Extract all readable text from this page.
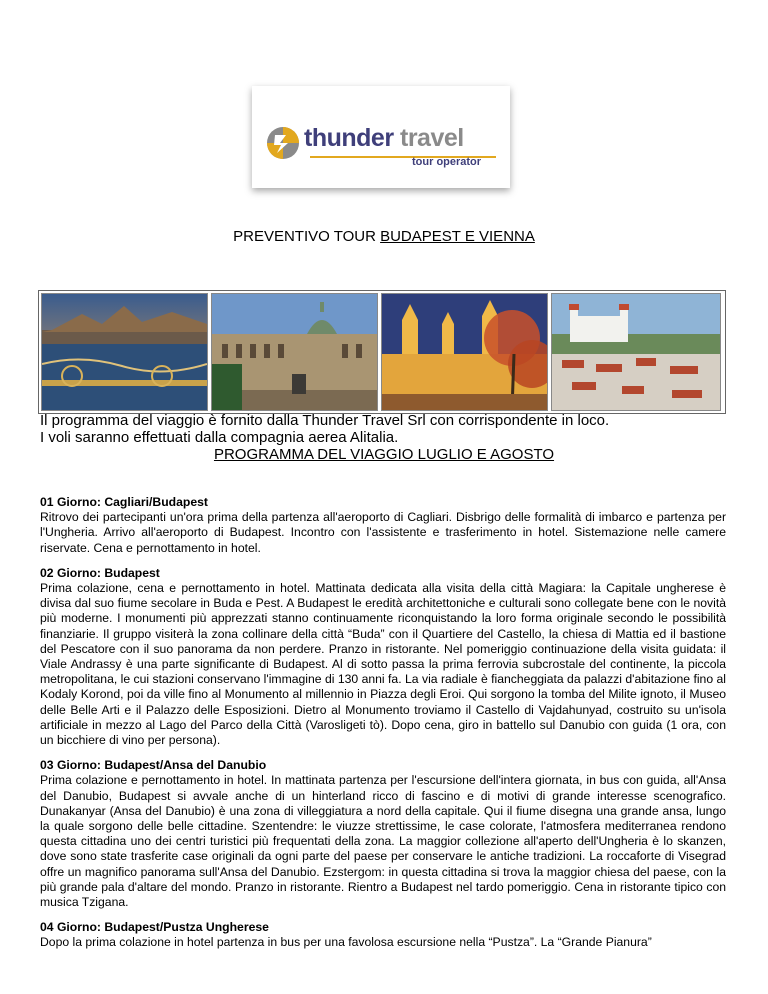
thunder travel
tour operator
PREVENTIVO TOUR BUDAPEST E VIENNA
Il programma del viaggio è fornito dalla Thunder Travel Srl con corrispondente in loco.
I voli saranno effettuati dalla compagnia aerea Alitalia.
PROGRAMMA DEL VIAGGIO LUGLIO E AGOSTO
01 Giorno: Cagliari/Budapest

Ritrovo dei partecipanti un'ora prima della partenza all'aeroporto di Cagliari. Disbrigo delle formalità di imbarco e partenza per l'Ungheria. Arrivo all'aeroporto di Budapest. Incontro con l'assistente e trasferimento in hotel. Sistemazione nelle camere riservate. Cena e pernottamento in hotel.

02 Giorno: Budapest

Prima colazione, cena e pernottamento in hotel. Mattinata dedicata alla visita della città Magiara: la Capitale ungherese è divisa dal suo fiume secolare in Buda e Pest. A Budapest le eredità architettoniche e culturali sono collegate bene con le novità più moderne. I monumenti più apprezzati stanno continuamente riconquistando la loro forma originale secondo le possibilità finanziarie. Il gruppo visiterà la zona collinare della città “Buda” con il Quartiere del Castello, la chiesa di Mattia ed il bastione del Pescatore con il suo panorama da non perdere. Pranzo in ristorante. Nel pomeriggio continuazione della visita guidata: il Viale Andrassy è una parte significante di Budapest. Al di sotto passa la prima ferrovia subcrostale del continente, la piccola metropolitana, le cui stazioni conservano l'immagine di 130 anni fa. La via radiale è fiancheggiata da palazzi d'abitazione fino al Kodaly Korond, poi da ville fino al Monumento al millennio in Piazza degli Eroi. Qui sorgono la tomba del Milite ignoto, il Museo delle Belle Arti e il Palazzo delle Esposizioni. Dietro al Monumento troviamo il Castello di Vajdahunyad, costruito su un'isola artificiale in mezzo al Lago del Parco della Città (Varosligeti tò). Dopo cena, giro in battello sul Danubio con guida (1 ora, con un bicchiere di vino per persona).

03 Giorno: Budapest/Ansa del Danubio

Prima colazione e pernottamento in hotel. In mattinata partenza per l'escursione dell'intera giornata, in bus con guida, all'Ansa del Danubio, Budapest si avvale anche di un hinterland ricco di fascino e di motivi di grande interesse scenografico. Dunakanyar (Ansa del Danubio) è una zona di villeggiatura a nord della capitale. Qui il fiume disegna una grande ansa, lungo la quale sorgono delle belle cittadine. Szentendre: le viuzze strettissime, le case colorate, l'atmosfera mediterranea rendono questa cittadina uno dei centri turistici più frequentati della zona. La maggior collezione all'aperto dell'Ungheria è lo skanzen, dove sono state trasferite case originali da ogni parte del paese per conservare le antiche tradizioni. La roccaforte di Visegrad offre un magnifico panorama sull'Ansa del Danubio. Ezstergom: in questa cittadina si trova la maggior chiesa del paese, con la più grande pala d'altare del mondo. Pranzo in ristorante. Rientro a Budapest nel tardo pomeriggio. Cena in ristorante tipico con musica Tzigana.

04 Giorno: Budapest/Pustza Ungherese

Dopo la prima colazione in hotel partenza in bus per una favolosa escursione nella “Pustza”. La “Grande Pianura”
